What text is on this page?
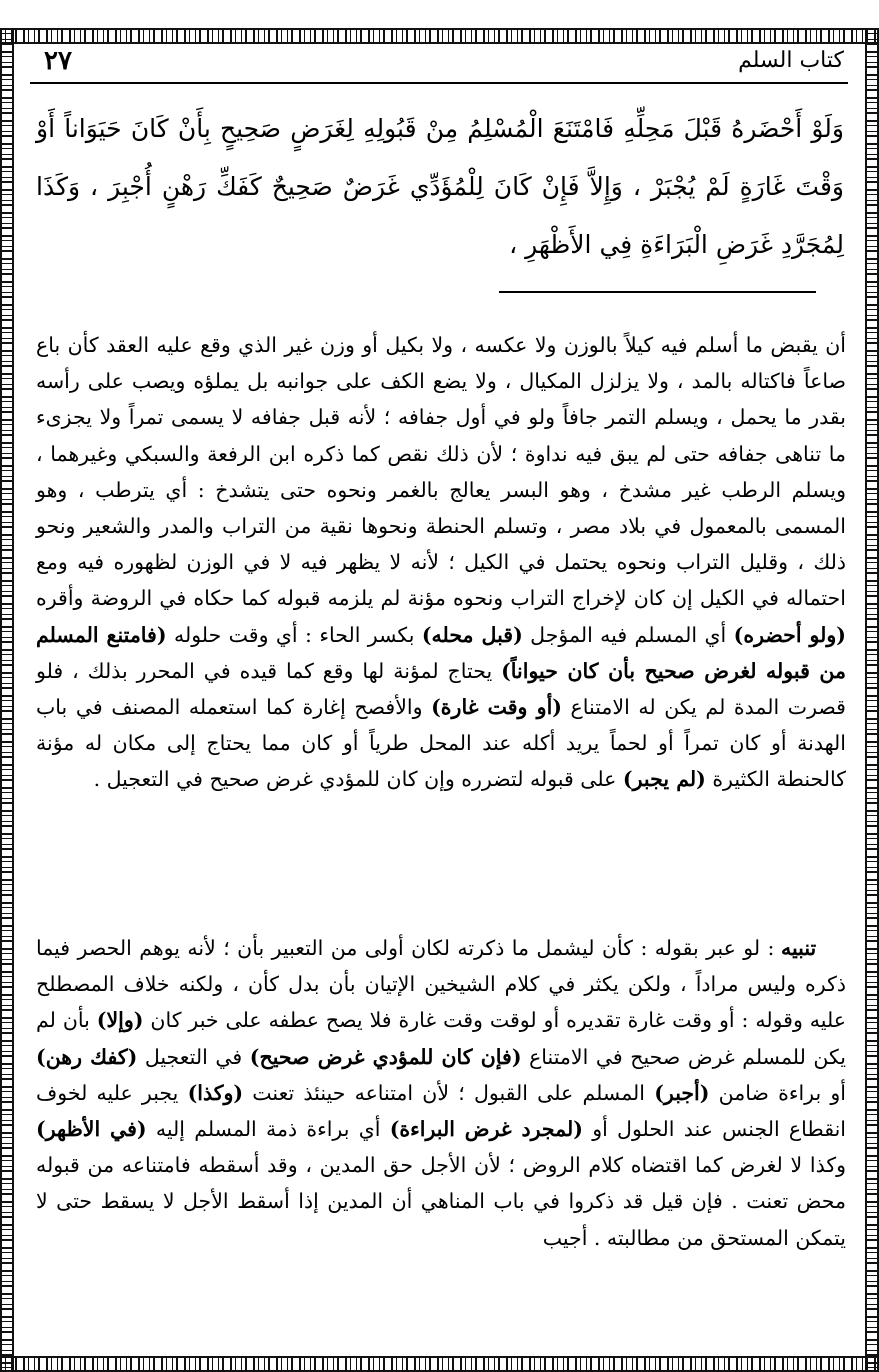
كتاب السلم
٢٧

وَلَوْ أَحْضَرهُ قَبْلَ مَحِلِّهِ فَامْتَنَعَ الْمُسْلِمُ مِنْ قَبُولِهِ لِغَرَضٍ صَحِيحٍ بِأَنْ كَانَ حَيَوَاناً أَوْ وَقْتَ غَارَةٍ لَمْ يُجْبَرْ ، وَإِلاَّ فَإِنْ كَانَ لِلْمُؤَدِّي غَرَضٌ صَحِيحٌ كَفَكِّ رَهْنٍ أُجْبِرَ ، وَكَذَا لِمُجَرَّدِ غَرَضِ الْبَرَاءَةِ فِي الأَظْهَرِ ،

أن يقبض ما أسلم فيه كيلاً بالوزن ولا عكسه ، ولا بكيل أو وزن غير الذي وقع عليه العقد كأن باع صاعاً فاكتاله بالمد ، ولا يزلزل المكيال ، ولا يضع الكف على جوانبه بل يملؤه ويصب على رأسه بقدر ما يحمل ، ويسلم التمر جافاً ولو في أول جفافه ؛ لأنه قبل جفافه لا يسمى تمراً ولا يجزىء ما تناهى جفافه حتى لم يبق فيه نداوة ؛ لأن ذلك نقص كما ذكره ابن الرفعة والسبكي وغيرهما ، ويسلم الرطب غير مشدخ ، وهو البسر يعالج بالغمر ونحوه حتى يتشدخ : أي يترطب ، وهو المسمى بالمعمول في بلاد مصر ، وتسلم الحنطة ونحوها نقية من التراب والمدر والشعير ونحو ذلك ، وقليل التراب ونحوه يحتمل في الكيل ؛ لأنه لا يظهر فيه لا في الوزن لظهوره فيه ومع احتماله في الكيل إن كان لإخراج التراب ونحوه مؤنة لم يلزمه قبوله كما حكاه في الروضة وأقره (ولو أحضره) أي المسلم فيه المؤجل (قبل محله) بكسر الحاء : أي وقت حلوله (فامتنع المسلم من قبوله لغرض صحيح بأن كان حيواناً) يحتاج لمؤنة لها وقع كما قيده في المحرر بذلك ، فلو قصرت المدة لم يكن له الامتناع (أو وقت غارة) والأفصح إغارة كما استعمله المصنف في باب الهدنة أو كان تمراً أو لحماً يريد أكله عند المحل طرياً أو كان مما يحتاج إلى مكان له مؤنة كالحنطة الكثيرة (لم يجبر) على قبوله لتضرره وإن كان للمؤدي غرض صحيح في التعجيل .

تنبيه : لو عبر بقوله : كأن ليشمل ما ذكرته لكان أولى من التعبير بأن ؛ لأنه يوهم الحصر فيما ذكره وليس مراداً ، ولكن يكثر في كلام الشيخين الإتيان بأن بدل كأن ، ولكنه خلاف المصطلح عليه وقوله : أو وقت غارة تقديره أو لوقت وقت غارة فلا يصح عطفه على خبر كان (وإلا) بأن لم يكن للمسلم غرض صحيح في الامتناع (فإن كان للمؤدي غرض صحيح) في التعجيل (كفك رهن) أو براءة ضامن (أجبر) المسلم على القبول ؛ لأن امتناعه حينئذ تعنت (وكذا) يجبر عليه لخوف انقطاع الجنس عند الحلول أو (لمجرد غرض البراءة) أي براءة ذمة المسلم إليه (في الأظهر) وكذا لا لغرض كما اقتضاه كلام الروض ؛ لأن الأجل حق المدين ، وقد أسقطه فامتناعه من قبوله محض تعنت . فإن قيل قد ذكروا في باب المناهي أن المدين إذا أسقط الأجل لا يسقط حتى لا يتمكن المستحق من مطالبته . أجيب
